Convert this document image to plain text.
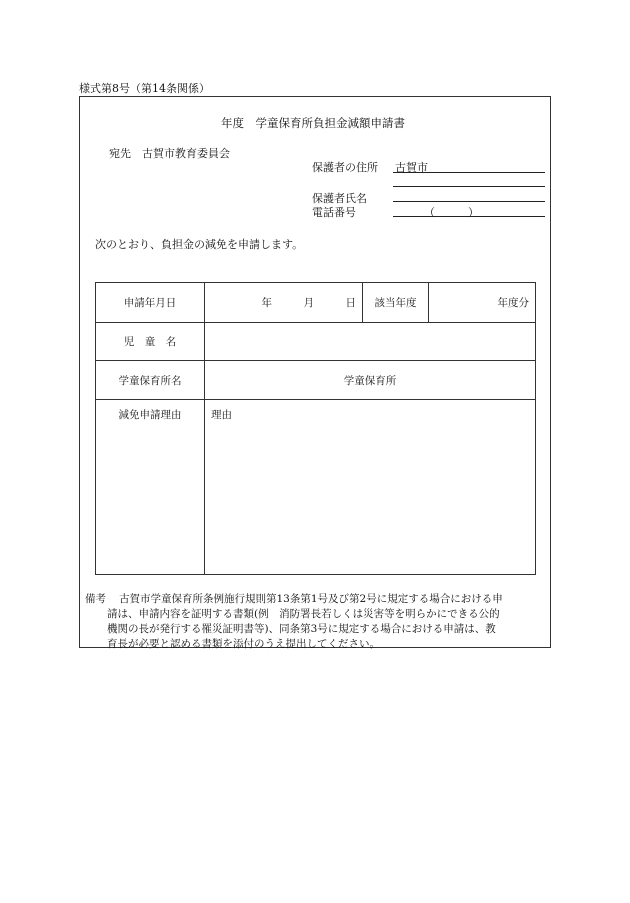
様式第8号（第14条関係）
年度　学童保育所負担金減額申請書
宛先　古賀市教育委員会
保護者の住所 古賀市
保護者氏名
電話番号	（　　　）
次のとおり、負担金の減免を申請します。
申請年月日	年　　　月　　　日	該当年度	年度分
児　童　名			
学童保育所名	学童保育所		
減免申請理由	理由		
備考 古賀市学童保育所条例施行規則第13条第1号及び第2号に規定する場合における申
請は、申請内容を証明する書類(例　消防署長若しくは災害等を明らかにできる公的
機関の長が発行する罹災証明書等)、同条第3号に規定する場合における申請は、教
育長が必要と認める書類を添付のうえ提出してください。
